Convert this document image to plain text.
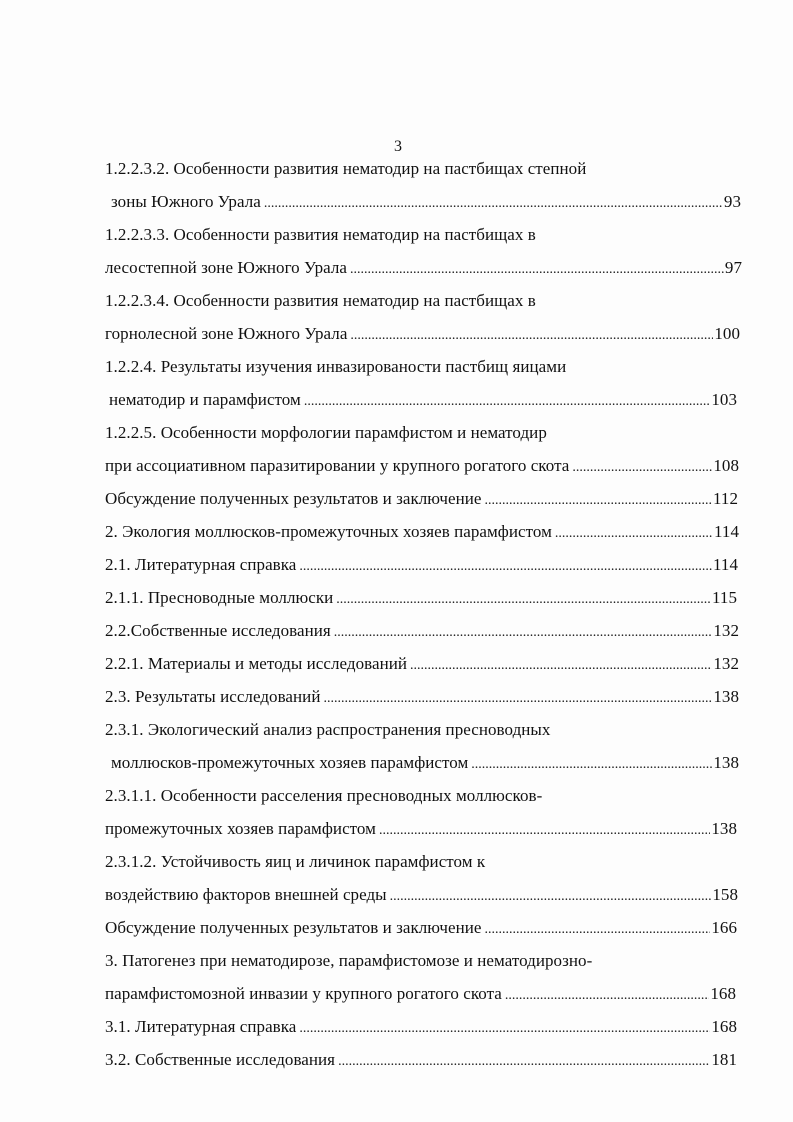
3
1.2.2.3.2. Особенности развития нематодир на пастбищах степной
зоны Южного Урала .....	93
1.2.2.3.3. Особенности развития нематодир на пастбищах в
лесостепной зоне Южного Урала .....	97
1.2.2.3.4. Особенности развития нематодир на пастбищах в
горнолесной зоне Южного Урала .....	100
1.2.2.4. Результаты изучения инвазированости пастбищ яицами
нематодир и парамфистом .....	103
1.2.2.5. Особенности морфологии парамфистом и нематодир
при ассоциативном паразитировании у крупного рогатого скота .....	108
Обсуждение полученных результатов и заключение .....	112
2. Экология моллюсков-промежуточных хозяев парамфистом .....	114
2.1. Литературная справка .....	114
2.1.1. Пресноводные моллюски .....	115
2.2.Собственные исследования .....	132
2.2.1. Материалы и методы исследований .....	132
2.3. Результаты исследований .....	138
2.3.1. Экологический анализ распространения пресноводных
моллюсков-промежуточных хозяев парамфистом .....	138
2.3.1.1. Особенности расселения пресноводных моллюсков-
промежуточных хозяев парамфистом .....	138
2.3.1.2. Устойчивость яиц и личинок парамфистом к
воздействию факторов внешней среды .....	158
Обсуждение полученных результатов и заключение .....	166
3. Патогенез при нематодирозе, парамфистомозе и нематодирозно-
парамфистомозной инвазии у крупного рогатого скота .....	168
3.1. Литературная справка .....	168
3.2. Собственные исследования .....	181
